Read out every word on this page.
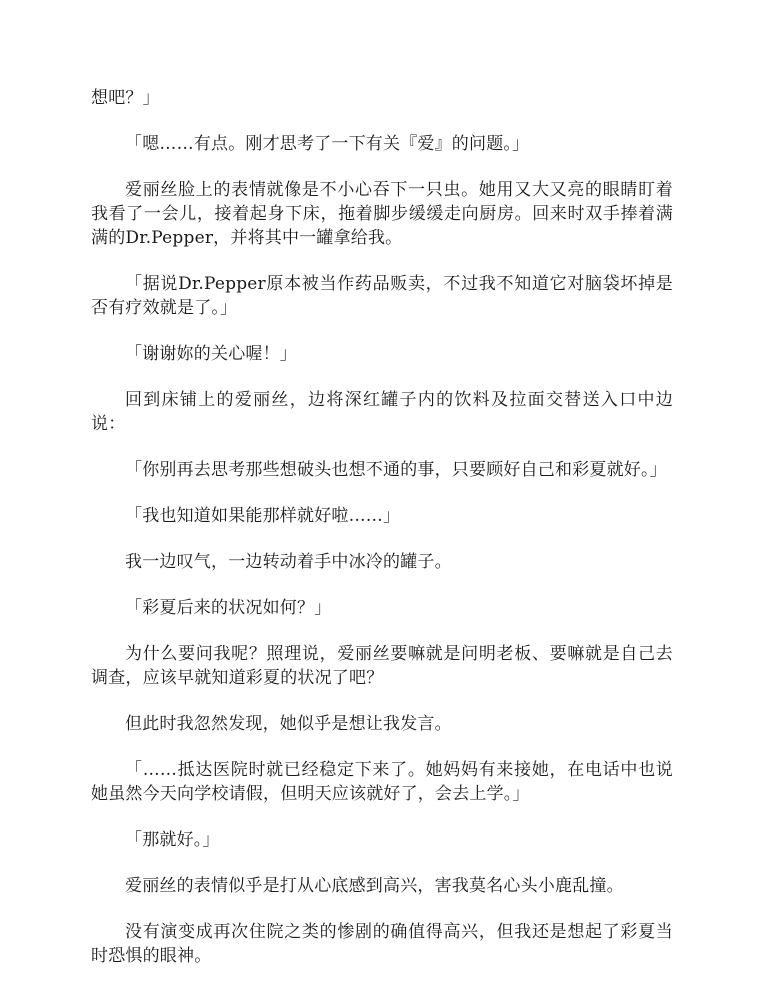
想吧？」

「嗯……有点。刚才思考了一下有关『爱』的问题。」

爱丽丝脸上的表情就像是不小心吞下一只虫。她用又大又亮的眼睛盯着我看了一会儿，接着起身下床，拖着脚步缓缓走向厨房。回来时双手捧着满满的Dr.Pepper，并将其中一罐拿给我。

「据说Dr.Pepper原本被当作药品贩卖，不过我不知道它对脑袋坏掉是否有疗效就是了。」

「谢谢妳的关心喔！」

回到床铺上的爱丽丝，边将深红罐子内的饮料及拉面交替送入口中边说：

「你别再去思考那些想破头也想不通的事，只要顾好自己和彩夏就好。」

「我也知道如果能那样就好啦……」

我一边叹气，一边转动着手中冰冷的罐子。

「彩夏后来的状况如何？」

为什么要问我呢？照理说，爱丽丝要嘛就是问明老板、要嘛就是自己去调查，应该早就知道彩夏的状况了吧？

但此时我忽然发现，她似乎是想让我发言。

「……抵达医院时就已经稳定下来了。她妈妈有来接她，在电话中也说她虽然今天向学校请假，但明天应该就好了，会去上学。」

「那就好。」

爱丽丝的表情似乎是打从心底感到高兴，害我莫名心头小鹿乱撞。

没有演变成再次住院之类的惨剧的确值得高兴，但我还是想起了彩夏当时恐惧的眼神。
